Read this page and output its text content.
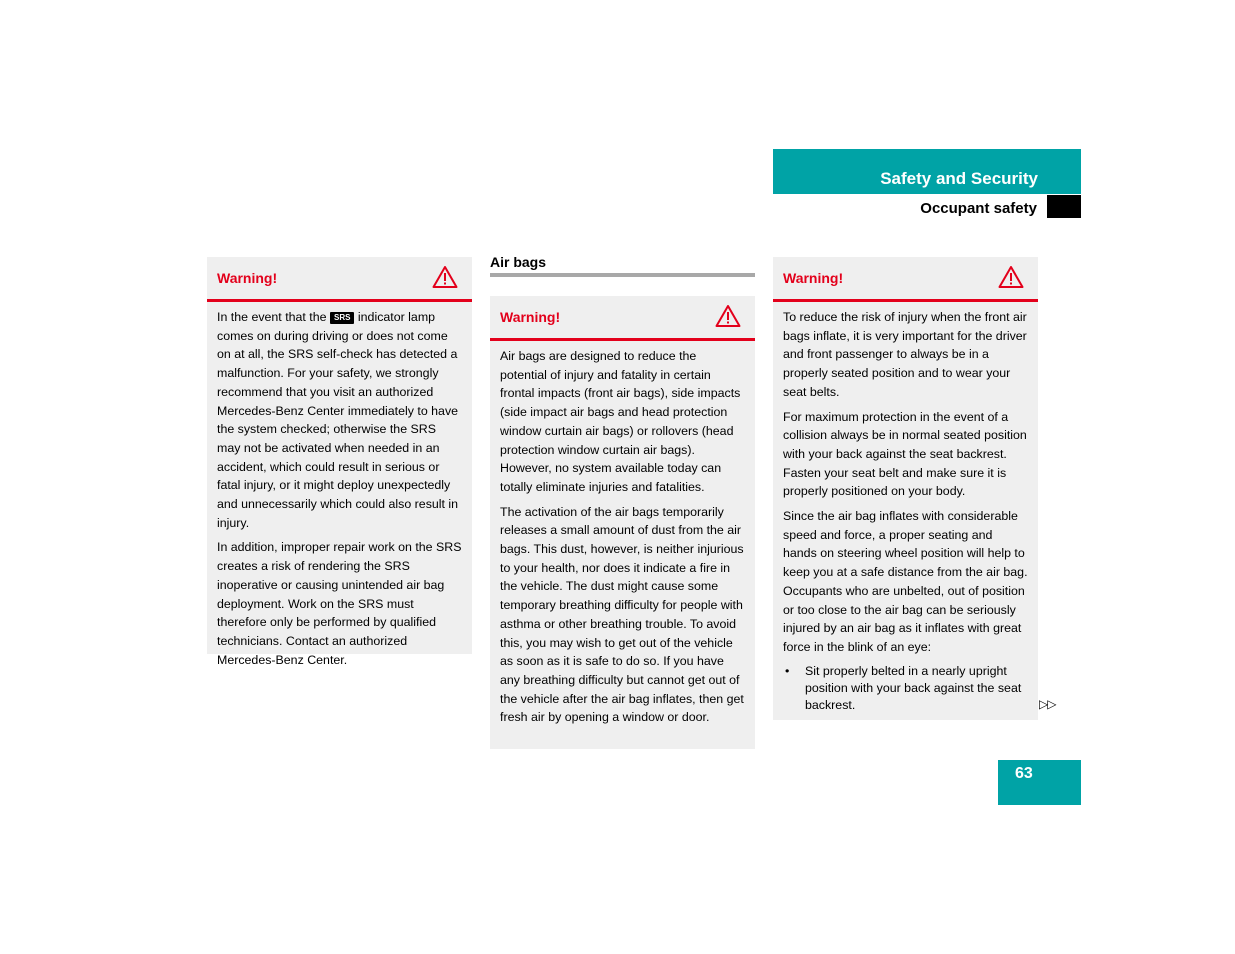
Safety and Security
Occupant safety
Warning!

In the event that the SRS indicator lamp comes on during driving or does not come on at all, the SRS self-check has detected a malfunction. For your safety, we strongly recommend that you visit an authorized Mercedes-Benz Center immediately to have the system checked; otherwise the SRS may not be activated when needed in an accident, which could result in serious or fatal injury, or it might deploy unexpectedly and unnecessarily which could also result in injury.

In addition, improper repair work on the SRS creates a risk of rendering the SRS inoperative or causing unintended air bag deployment. Work on the SRS must therefore only be performed by qualified technicians. Contact an authorized Mercedes-Benz Center.

Air bags
Warning!

Air bags are designed to reduce the potential of injury and fatality in certain frontal impacts (front air bags), side impacts (side impact air bags and head protection window curtain air bags) or rollovers (head protection window curtain air bags). However, no system available today can totally eliminate injuries and fatalities.

The activation of the air bags temporarily releases a small amount of dust from the air bags. This dust, however, is neither injurious to your health, nor does it indicate a fire in the vehicle. The dust might cause some temporary breathing difficulty for people with asthma or other breathing trouble. To avoid this, you may wish to get out of the vehicle as soon as it is safe to do so. If you have any breathing difficulty but cannot get out of the vehicle after the air bag inflates, then get fresh air by opening a window or door.

Warning!

To reduce the risk of injury when the front air bags inflate, it is very important for the driver and front passenger to always be in a properly seated position and to wear your seat belts.

For maximum protection in the event of a collision always be in normal seated position with your back against the seat backrest. Fasten your seat belt and make sure it is properly positioned on your body.

Since the air bag inflates with considerable speed and force, a proper seating and hands on steering wheel position will help to keep you at a safe distance from the air bag. Occupants who are unbelted, out of position or too close to the air bag can be seriously injured by an air bag as it inflates with great force in the blink of an eye:

• Sit properly belted in a nearly upright position with your back against the seat backrest.	▷▷
63
